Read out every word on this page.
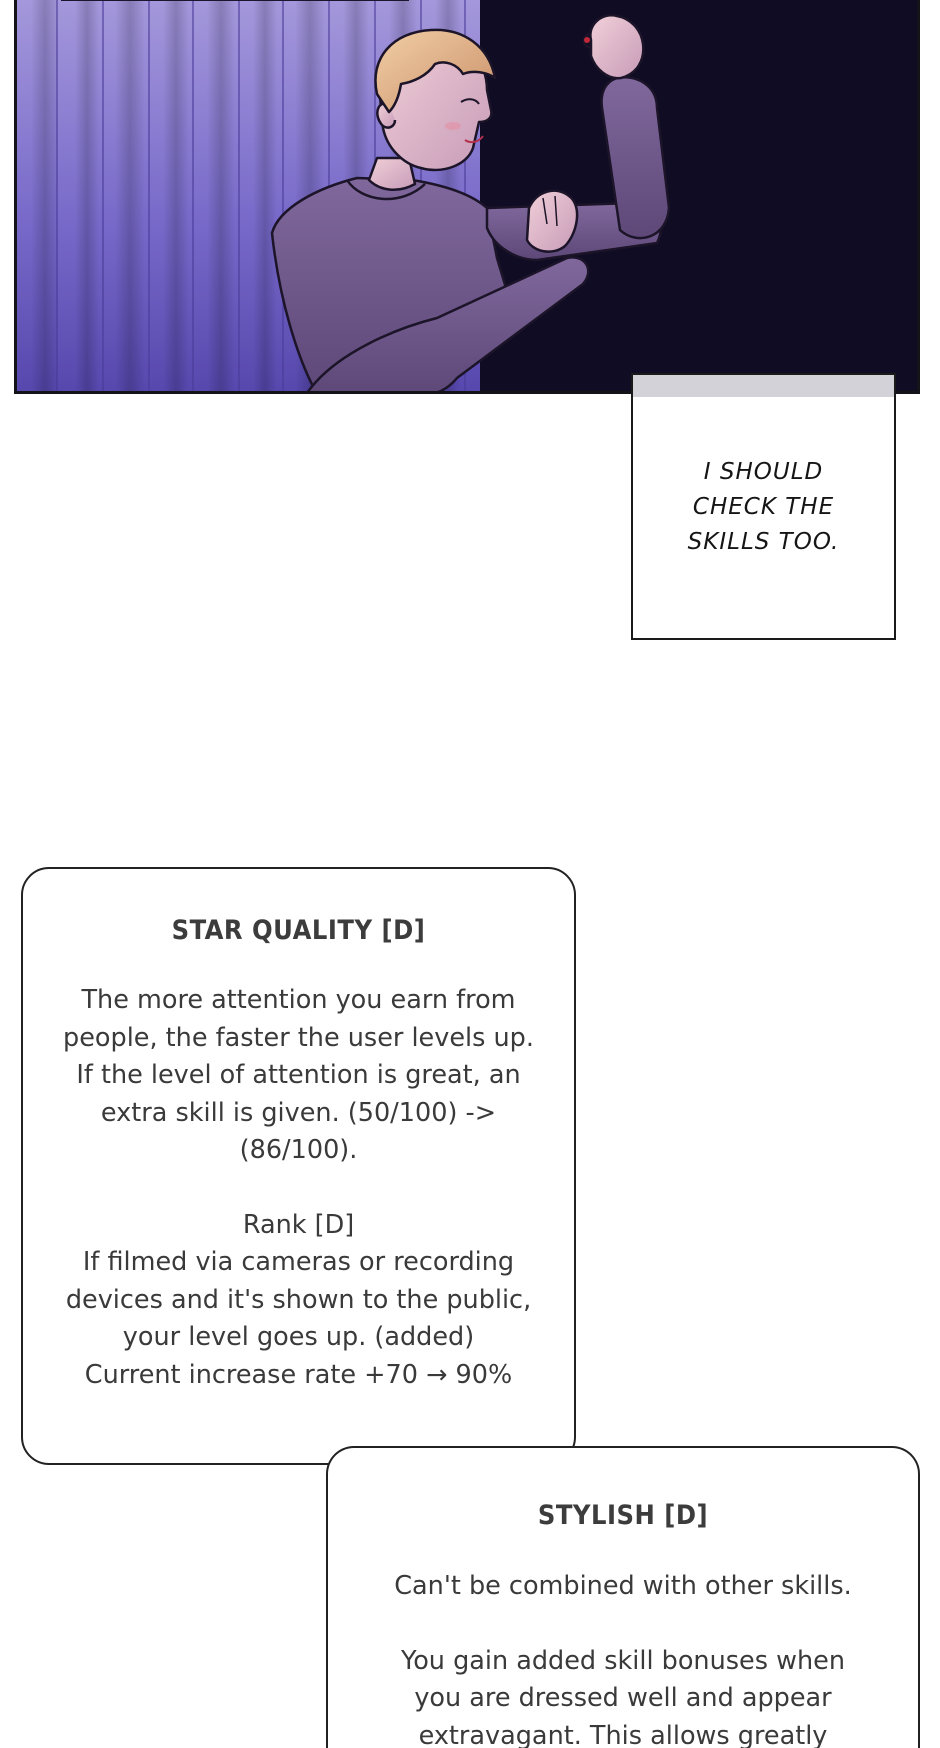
I SHOULD
CHECK THE
SKILLS TOO.

STAR QUALITY [D]

The more attention you earn from
people, the faster the user levels up.
If the level of attention is great, an
extra skill is given. (50/100) ->
(86/100).

Rank [D]
If filmed via cameras or recording
devices and it's shown to the public,
your level goes up. (added)
Current increase rate +70 → 90%

STYLISH [D]

Can't be combined with other skills.

You gain added skill bonuses when
you are dressed well and appear
extravagant. This allows greatly
